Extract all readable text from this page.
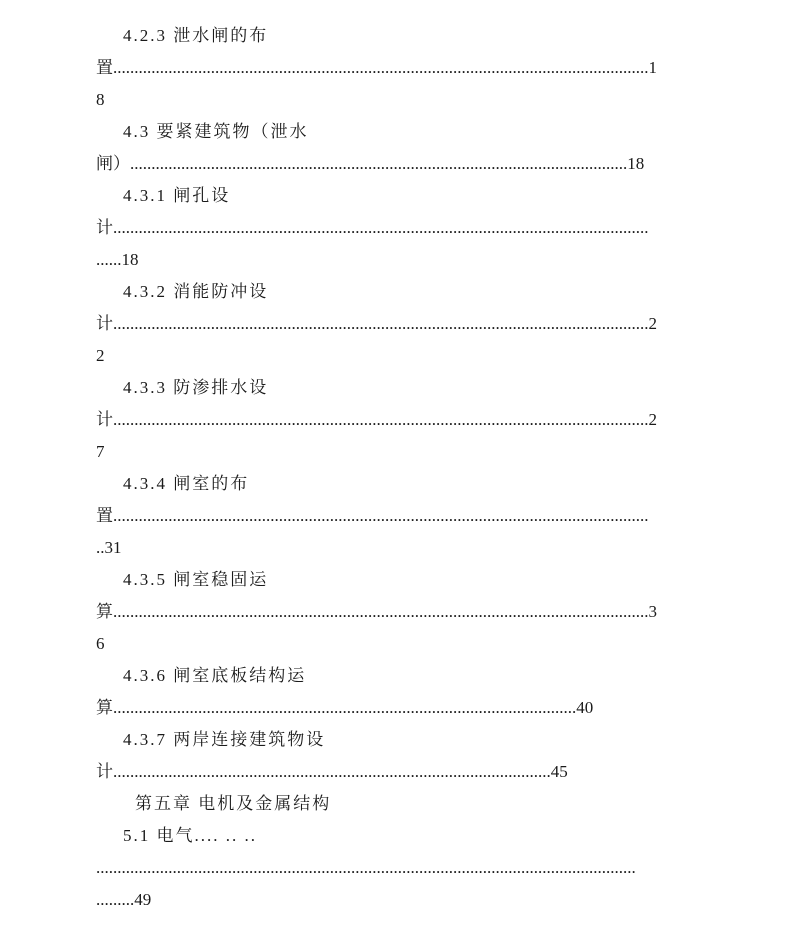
4.2.3 泄水闸的布
置..............................................................................................................................1
8
4.3 要紧建筑物（泄水
闸）.....................................................................................................................18
4.3.1 闸孔设
计..............................................................................................................................
......18
4.3.2 消能防冲设
计..............................................................................................................................2
2
4.3.3 防渗排水设
计..............................................................................................................................2
7
4.3.4 闸室的布
置..............................................................................................................................
..31
4.3.5 闸室稳固运
算..............................................................................................................................3
6
4.3.6 闸室底板结构运
算.............................................................................................................40
4.3.7 两岸连接建筑物设
计.......................................................................................................45
第五章 电机及金属结构
5.1 电气.... .. ..
...............................................................................................................................
.........49
